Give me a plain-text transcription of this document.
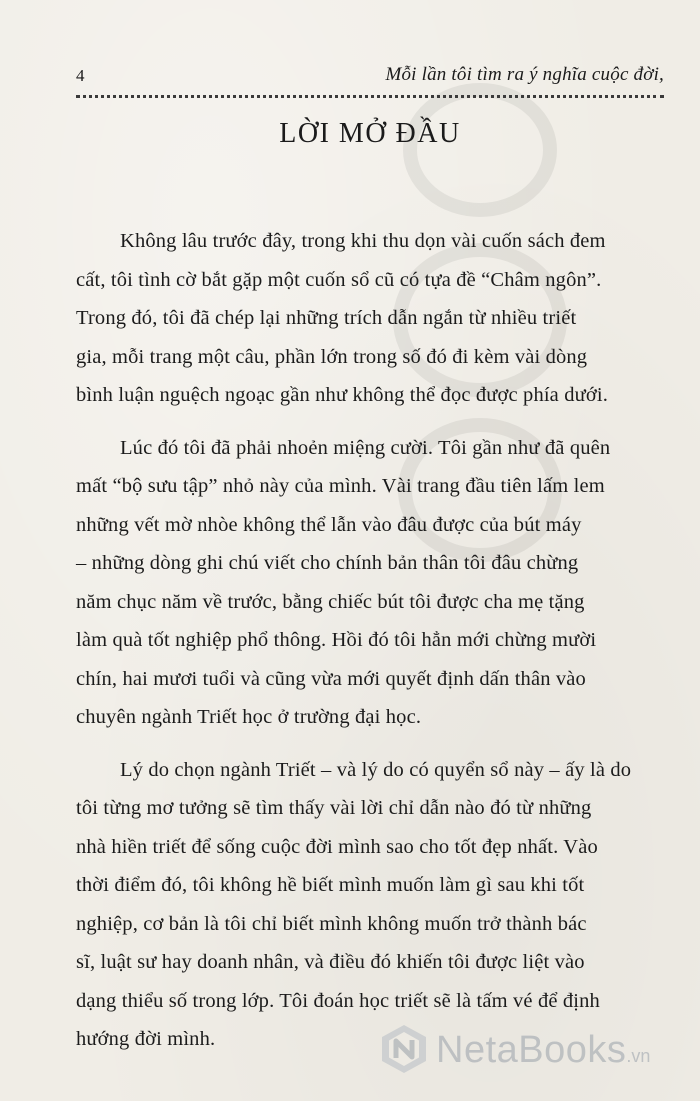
4	Mỗi lần tôi tìm ra ý nghĩa cuộc đời,
LỜI MỞ ĐẦU

Không lâu trước đây, trong khi thu dọn vài cuốn sách đem
cất, tôi tình cờ bắt gặp một cuốn sổ cũ có tựa đề “Châm ngôn”.
Trong đó, tôi đã chép lại những trích dẫn ngắn từ nhiều triết
gia, mỗi trang một câu, phần lớn trong số đó đi kèm vài dòng
bình luận nguệch ngoạc gần như không thể đọc được phía dưới.

Lúc đó tôi đã phải nhoẻn miệng cười. Tôi gần như đã quên
mất “bộ sưu tập” nhỏ này của mình. Vài trang đầu tiên lấm lem
những vết mờ nhòe không thể lẫn vào đâu được của bút máy
– những dòng ghi chú viết cho chính bản thân tôi đâu chừng
năm chục năm về trước, bằng chiếc bút tôi được cha mẹ tặng
làm quà tốt nghiệp phổ thông. Hồi đó tôi hẳn mới chừng mười
chín, hai mươi tuổi và cũng vừa mới quyết định dấn thân vào
chuyên ngành Triết học ở trường đại học.

Lý do chọn ngành Triết – và lý do có quyển sổ này – ấy là do
tôi từng mơ tưởng sẽ tìm thấy vài lời chỉ dẫn nào đó từ những
nhà hiền triết để sống cuộc đời mình sao cho tốt đẹp nhất. Vào
thời điểm đó, tôi không hề biết mình muốn làm gì sau khi tốt
nghiệp, cơ bản là tôi chỉ biết mình không muốn trở thành bác
sĩ, luật sư hay doanh nhân, và điều đó khiến tôi được liệt vào
dạng thiểu số trong lớp. Tôi đoán học triết sẽ là tấm vé để định
hướng đời mình.	NetaBooks.vn
